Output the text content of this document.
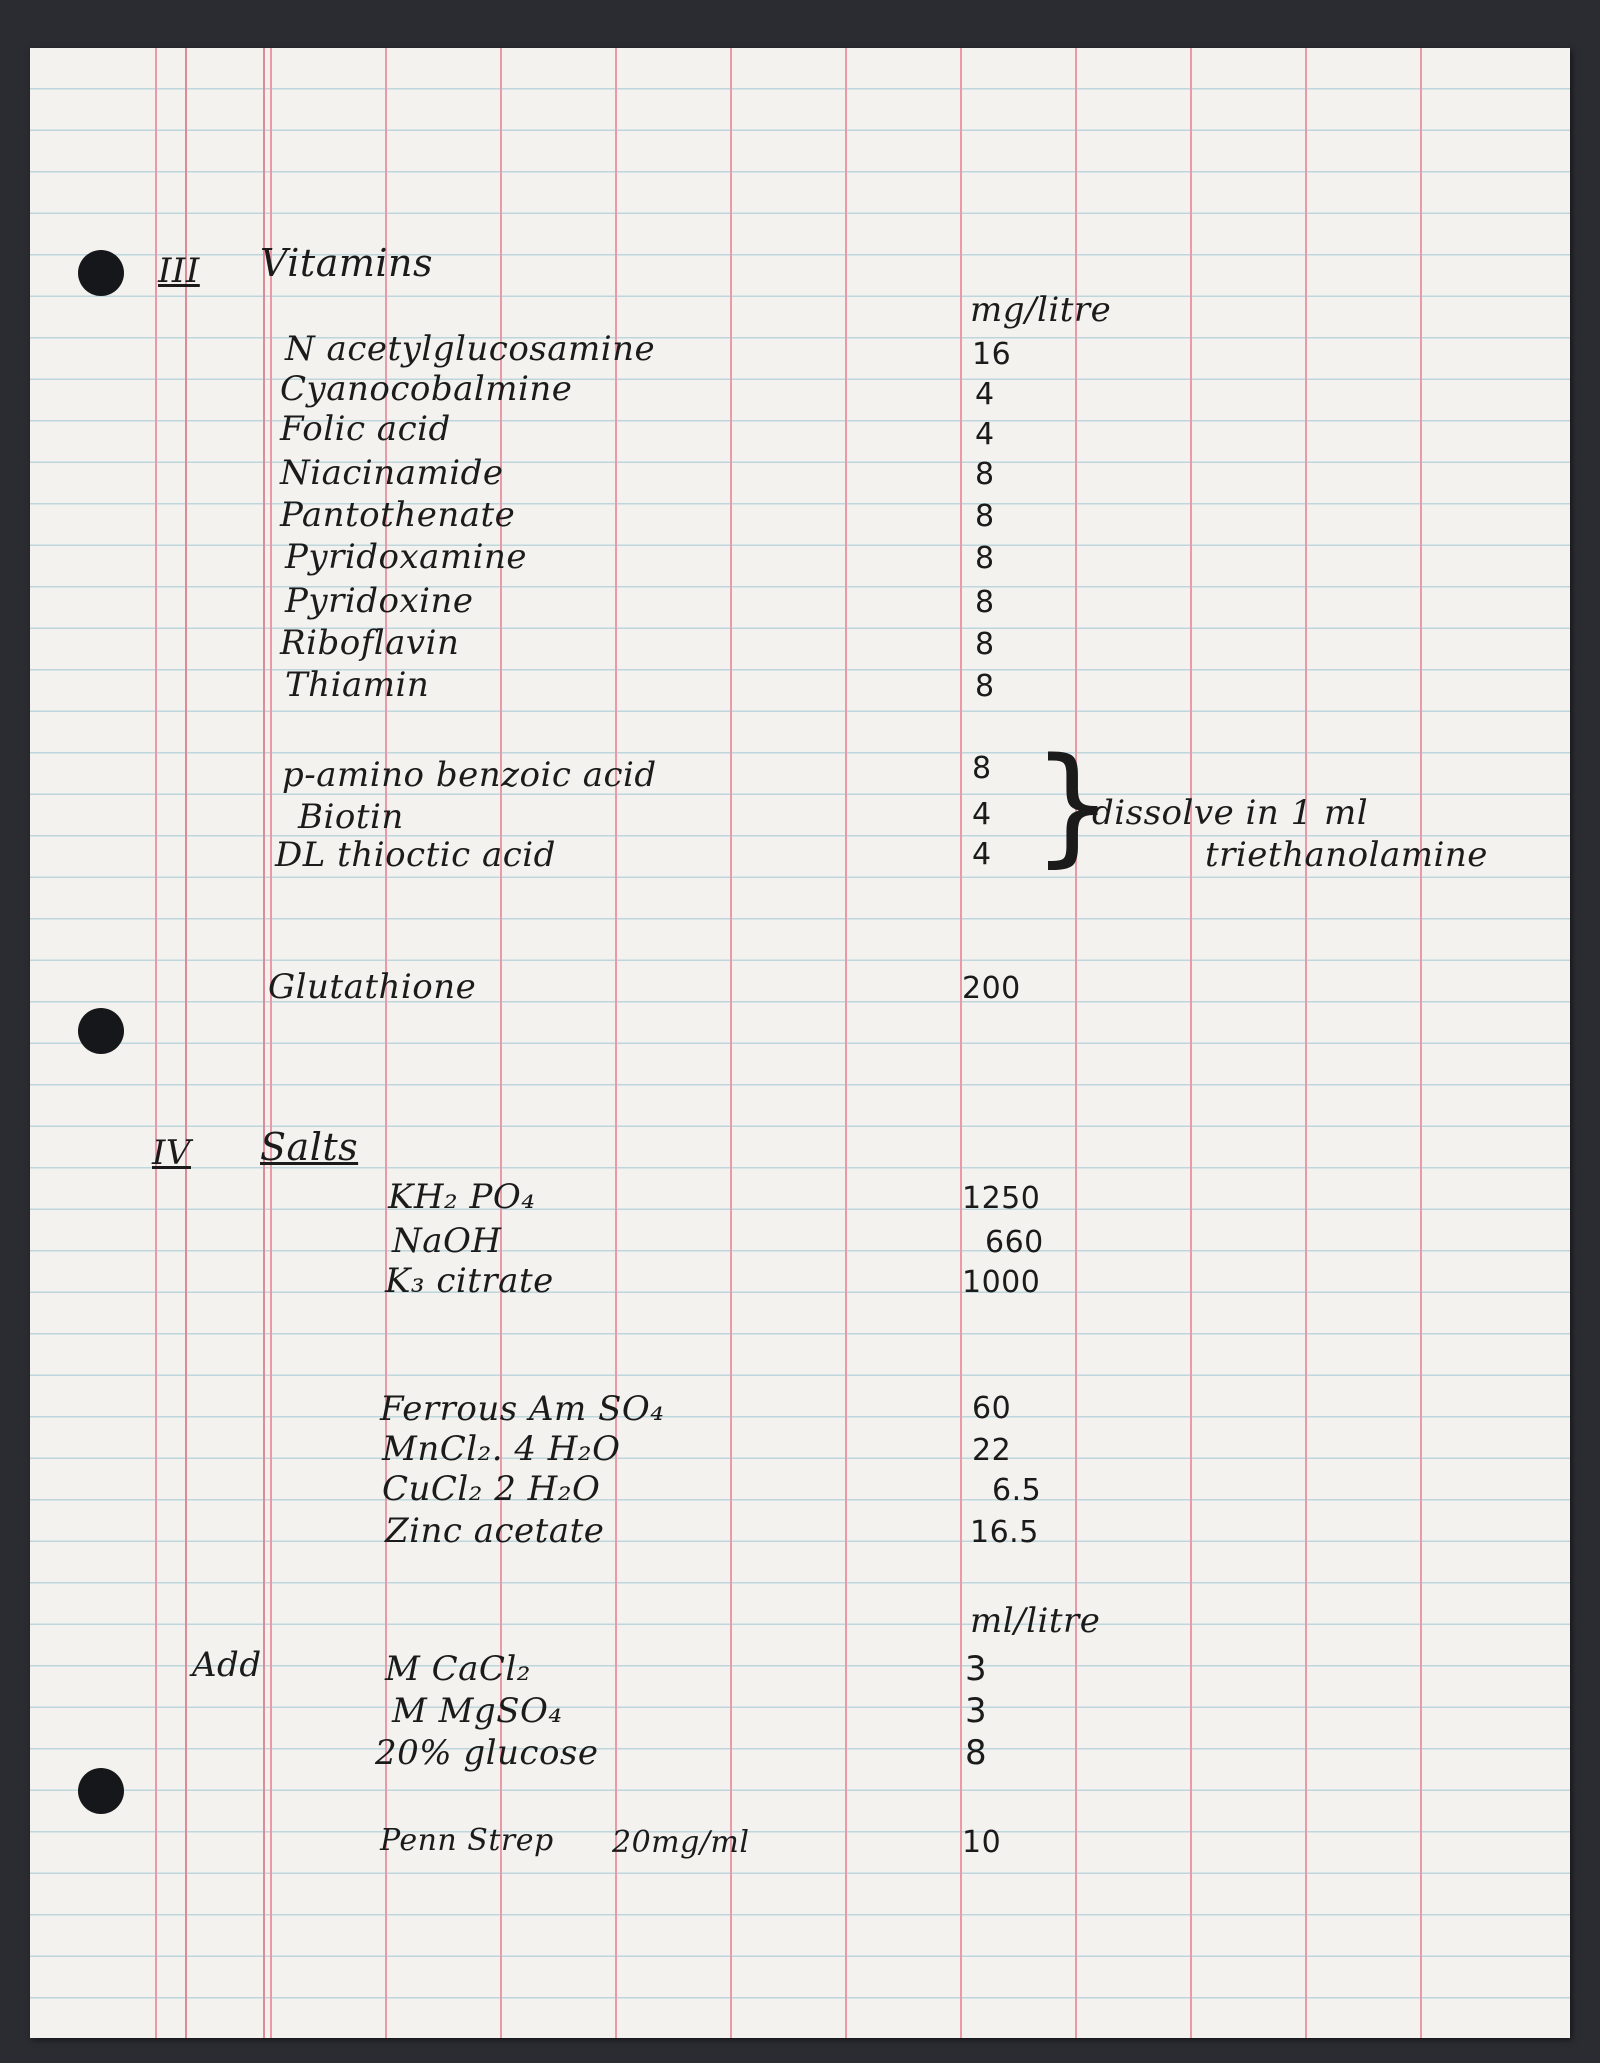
III Vitamins
mg/litre
N acetylglucosamine	16
Cyanocobalmine	4
Folic acid	4
Niacinamide	8
Pantothenate	8
Pyridoxamine	8
Pyridoxine	8
Riboflavin	8
Thiamin	8
p-amino benzoic acid	8
Biotin	4
DL thioctic acid	4 }
dissolve in 1 ml
triethanolamine
Glutathione	200
IV Salts
KH₂ PO₄	1250
NaOH	660
K₃ citrate	1000
Ferrous Am SO₄	60
MnCl₂. 4 H₂O	22
CuCl₂ 2 H₂O	6.5
Zinc acetate	16.5
ml/litre
Add	M CaCl₂	3
M MgSO₄	3
20% glucose	8
Penn Strep 20mg/ml	10
